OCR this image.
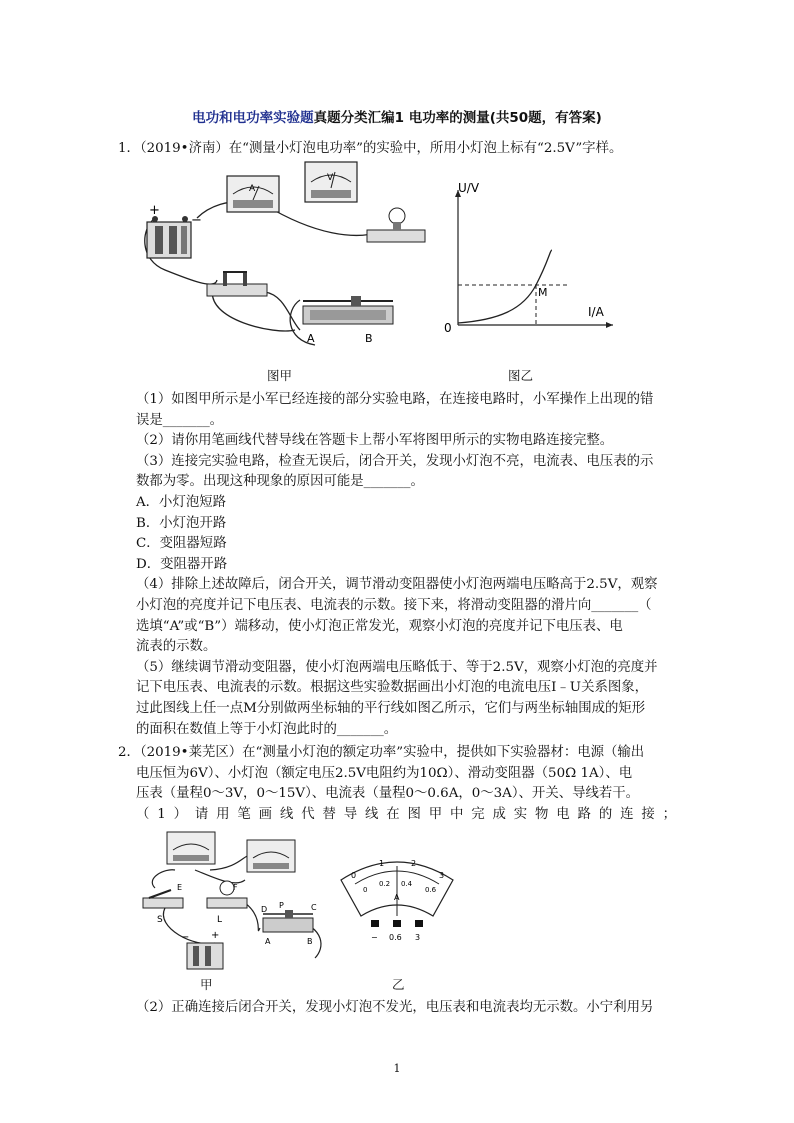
电功和电功率实验题真题分类汇编1 电功率的测量(共50题，有答案)
1．（2019•济南）在“测量小灯泡电功率”的实验中，所用小灯泡上标有“2.5V”字样。
+
−
A
V
A	B
图甲
U/V
I/A
0
M
图乙
（1）如图甲所示是小军已经连接的部分实验电路，在连接电路时，小军操作上出现的错
误是_______。
（2）请你用笔画线代替导线在答题卡上帮小军将图甲所示的实物电路连接完整。
（3）连接完实验电路，检查无误后，闭合开关，发现小灯泡不亮，电流表、电压表的示
数都为零。出现这种现象的原因可能是_______。
A．小灯泡短路
B．小灯泡开路
C．变阻器短路
D．变阻器开路
（4）排除上述故障后，闭合开关，调节滑动变阻器使小灯泡两端电压略高于2.5V，观察
小灯泡的亮度并记下电压表、电流表的示数。接下来，将滑动变阻器的滑片向_______（
选填“A”或“B”）端移动，使小灯泡正常发光，观察小灯泡的亮度并记下电压表、电
流表的示数。
（5）继续调节滑动变阻器，使小灯泡两端电压略低于、等于2.5V，观察小灯泡的亮度并
记下电压表、电流表的示数。根据这些实验数据画出小灯泡的电流电压I﹣U关系图象，
过此图线上任一点M分别做两坐标轴的平行线如图乙所示，它们与两坐标轴围成的矩形
的面积在数值上等于小灯泡此时的_______。
2．（2019•莱芜区）在“测量小灯泡的额定功率”实验中，提供如下实验器材：电源（输出
电压恒为6V）、小灯泡（额定电压2.5V电阻约为10Ω）、滑动变阻器（50Ω 1A）、电
压表（量程0～3V，0～15V）、电流表（量程0～0.6A，0～3A）、开关、导线若干。
（1）请用笔画线代替导线在图甲中完成实物电路的连接；
E	F
S	L
D P	C
A	B
− +
甲
0
1	2
3
0
0.2 0.4
0.6
A
− 0.6 3
乙
（2）正确连接后闭合开关，发现小灯泡不发光，电压表和电流表均无示数。小宁利用另
1
